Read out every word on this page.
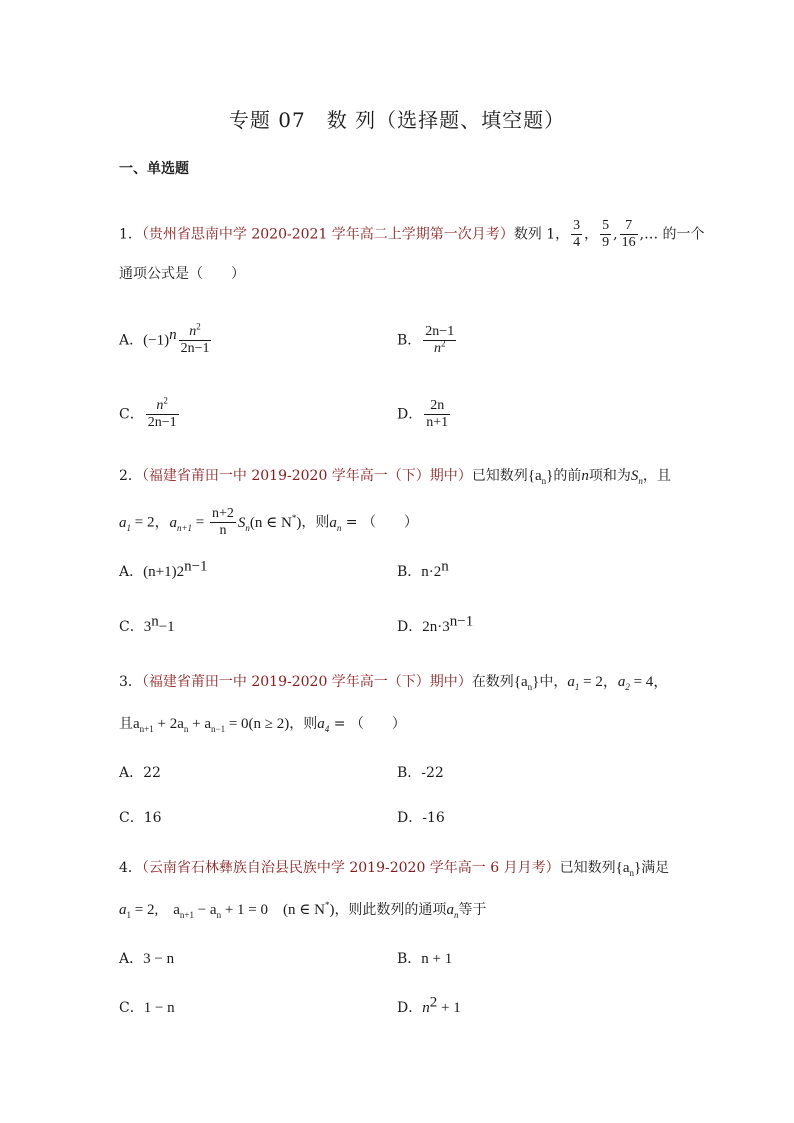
专题 07　数 列（选择题、填空题）
一、单选题
1．（贵州省思南中学 2020-2021 学年高二上学期第一次月考）数列 1， $\frac{3}{4}$ ， $\frac{5}{9}$ , $\frac{7}{16}$ ,… 的一个
通项公式是（　　）
A．$(-1)^n \frac{n^2}{2n-1}$	B． $\frac{2n-1}{n^2}$
C． $\frac{n^2}{2n-1}$	D． $\frac{2n}{n+1}$
2．（福建省莆田一中 2019-2020 学年高一（下）期中）已知数列$\{a_n\}$的前n项和为$S_n$，且
$a_1 = 2$，$a_{n+1} = \frac{n+2}{n} S_n(n$ ∈ N*)，则$a_n$ = （　　）
A．$(n+1)2^{n-1}$	B．$n\cdot 2^n$
C．$3^n-1$	D．$2n\cdot 3^{n-1}$
3．（福建省莆田一中 2019-2020 学年高一（下）期中）在数列$\{a_n\}$中，$a_1 = 2$，$a_2 = 4$，
且$a_{n+1} + 2a_n + a_{n-1} = 0(n \ge 2)$，则$a_4$ = （　　）
A．22	B．-22
C．16	D．-16
4．（云南省石林彝族自治县民族中学 2019-2020 学年高一 6 月月考）已知数列$\{a_n\}$满足
$a_1 = 2$,　$a_{n+1} - a_n + 1 = 0$　(n ∈ N*)，则此数列的通项$a_n$等于
A．3 − n	B．n + 1
C．1 − n	D．$n^2 + 1$
